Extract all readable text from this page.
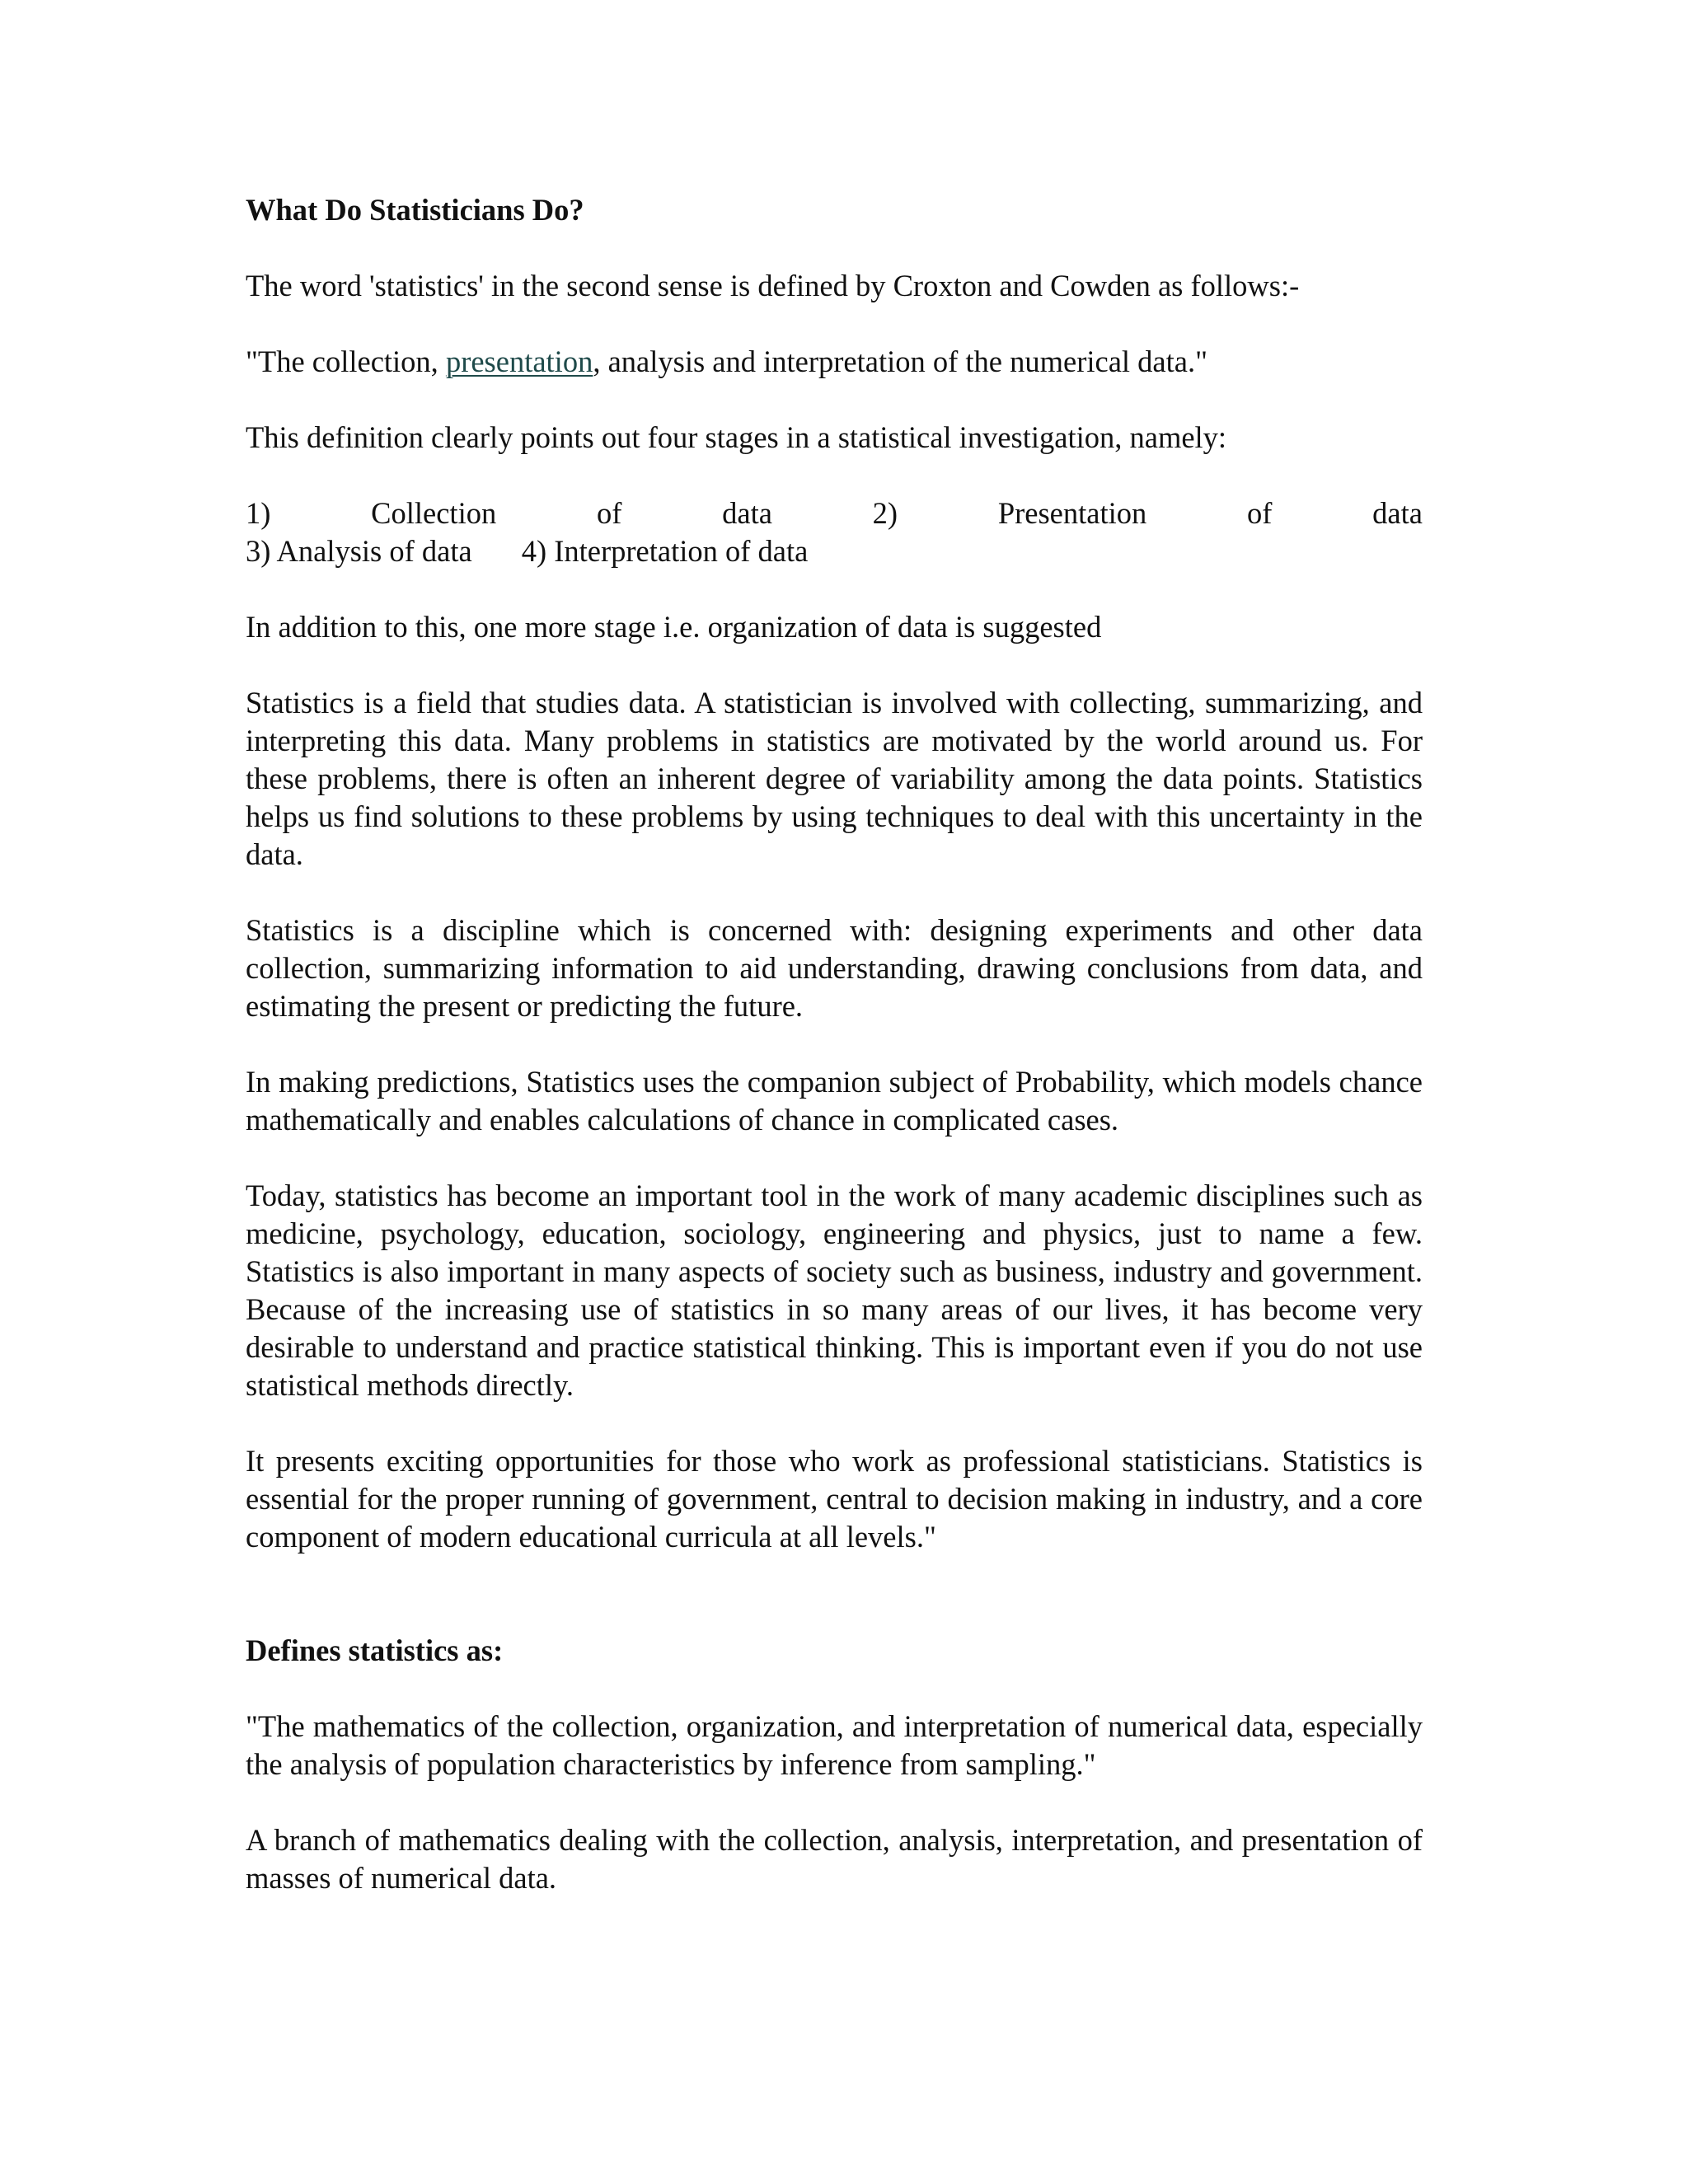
What Do Statisticians Do?

The word 'statistics' in the second sense is defined by Croxton and Cowden as follows:-

"The collection, presentation, analysis and interpretation of the numerical data."

This definition clearly points out four stages in a statistical investigation, namely:

1)	Collection	of	data	2)	Presentation	of	data
3) Analysis of data 4) Interpretation of data

In addition to this, one more stage i.e. organization of data is suggested

Statistics is a field that studies data. A statistician is involved with collecting, summarizing, and interpreting this data. Many problems in statistics are motivated by the world around us. For these problems, there is often an inherent degree of variability among the data points. Statistics helps us find solutions to these problems by using techniques to deal with this uncertainty in the data.

Statistics is a discipline which is concerned with: designing experiments and other data collection, summarizing information to aid understanding, drawing conclusions from data, and estimating the present or predicting the future.

In making predictions, Statistics uses the companion subject of Probability, which models chance mathematically and enables calculations of chance in complicated cases.

Today, statistics has become an important tool in the work of many academic disciplines such as medicine, psychology, education, sociology, engineering and physics, just to name a few. Statistics is also important in many aspects of society such as business, industry and government. Because of the increasing use of statistics in so many areas of our lives, it has become very desirable to understand and practice statistical thinking. This is important even if you do not use statistical methods directly.

It presents exciting opportunities for those who work as professional statisticians. Statistics is essential for the proper running of government, central to decision making in industry, and a core component of modern educational curricula at all levels."

Defines statistics as:

"The mathematics of the collection, organization, and interpretation of numerical data, especially the analysis of population characteristics by inference from sampling."

A branch of mathematics dealing with the collection, analysis, interpretation, and presentation of masses of numerical data.
